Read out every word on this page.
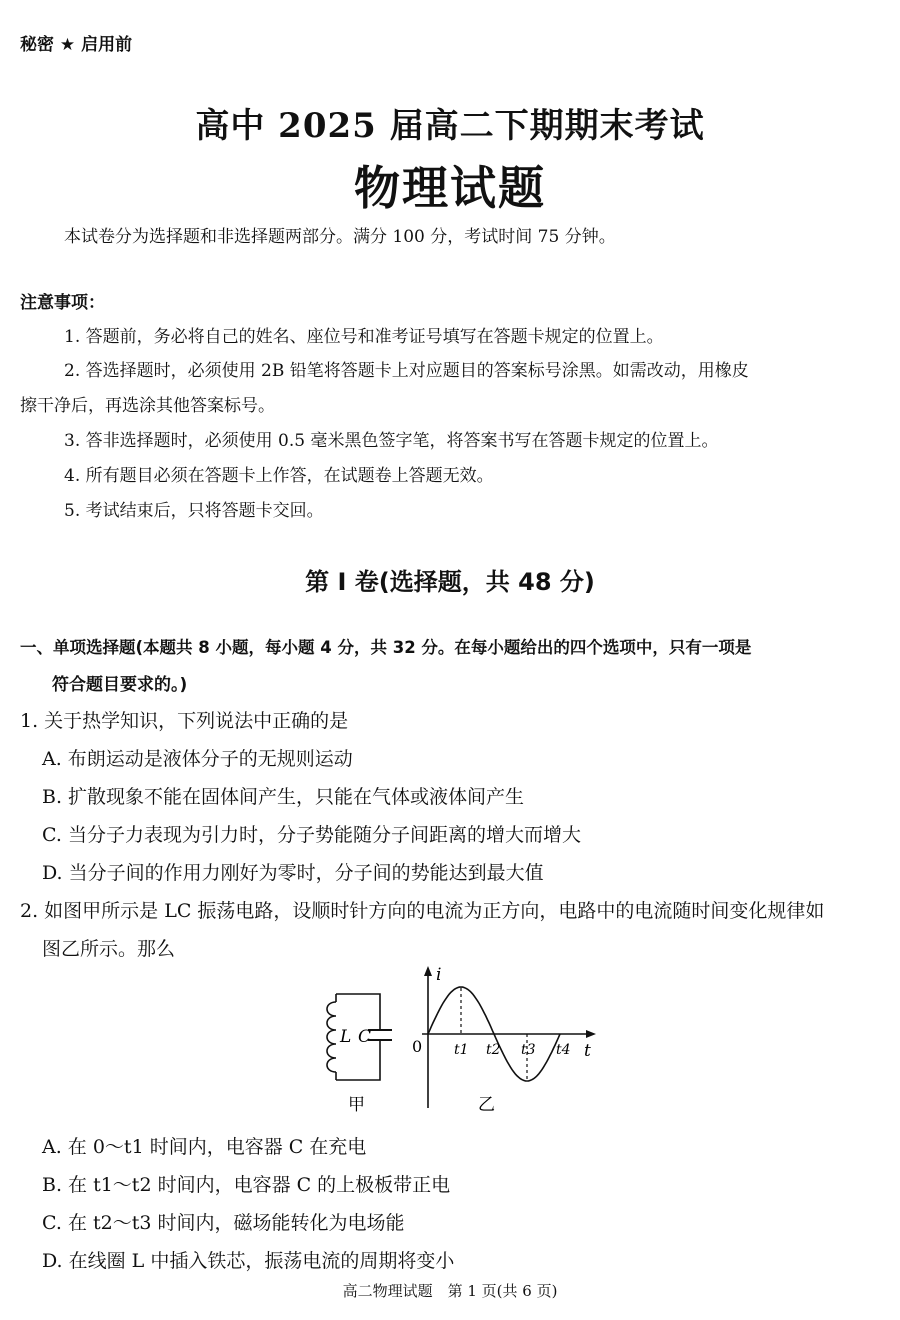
秘密 ★ 启用前
高中 2025 届高二下期期末考试
物理试题
本试卷分为选择题和非选择题两部分。满分 100 分，考试时间 75 分钟。
注意事项：
1. 答题前，务必将自己的姓名、座位号和准考证号填写在答题卡规定的位置上。
2. 答选择题时，必须使用 2B 铅笔将答题卡上对应题目的答案标号涂黑。如需改动，用橡皮
擦干净后，再选涂其他答案标号。
3. 答非选择题时，必须使用 0.5 毫米黑色签字笔，将答案书写在答题卡规定的位置上。
4. 所有题目必须在答题卡上作答，在试题卷上答题无效。
5. 考试结束后，只将答题卡交回。
第 I 卷(选择题，共 48 分)
一、单项选择题(本题共 8 小题，每小题 4 分，共 32 分。在每小题给出的四个选项中，只有一项是
符合题目要求的。)
1. 关于热学知识，下列说法中正确的是
A. 布朗运动是液体分子的无规则运动
B. 扩散现象不能在固体间产生，只能在气体或液体间产生
C. 当分子力表现为引力时，分子势能随分子间距离的增大而增大
D. 当分子间的作用力刚好为零时，分子间的势能达到最大值
2. 如图甲所示是 LC 振荡电路，设顺时针方向的电流为正方向，电路中的电流随时间变化规律如
图乙所示。那么
L C
甲
i
t
0 t1 t2 t3 t4
乙
A. 在 0～t1 时间内，电容器 C 在充电
B. 在 t1～t2 时间内，电容器 C 的上极板带正电
C. 在 t2～t3 时间内，磁场能转化为电场能
D. 在线圈 L 中插入铁芯，振荡电流的周期将变小
高二物理试题　第 1 页(共 6 页)
